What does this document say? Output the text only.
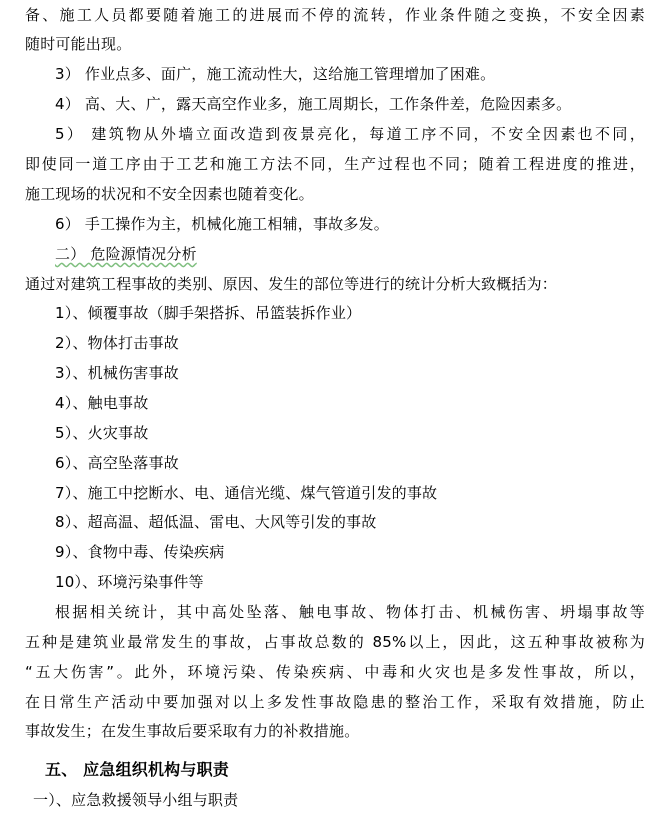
备、施工人员都要随着施工的进展而不停的流转，作业条件随之变换，不安全因素
随时可能出现。
3） 作业点多、面广，施工流动性大，这给施工管理增加了困难。
4） 高、大、广，露天高空作业多，施工周期长，工作条件差，危险因素多。
5） 建筑物从外墙立面改造到夜景亮化，每道工序不同，不安全因素也不同，
即使同一道工序由于工艺和施工方法不同，生产过程也不同；随着工程进度的推进，
施工现场的状况和不安全因素也随着变化。
6） 手工操作为主，机械化施工相辅，事故多发。
二） 危险源情况分析
通过对建筑工程事故的类别、原因、发生的部位等进行的统计分析大致概括为：
1）、倾覆事故（脚手架搭拆、吊篮装拆作业）
2）、物体打击事故
3）、机械伤害事故
4）、触电事故
5）、火灾事故
6）、高空坠落事故
7）、施工中挖断水、电、通信光缆、煤气管道引发的事故
8）、超高温、超低温、雷电、大风等引发的事故
9）、食物中毒、传染疾病
10）、环境污染事件等
根据相关统计，其中高处坠落、触电事故、物体打击、机械伤害、坍塌事故等
五种是建筑业最常发生的事故，占事故总数的 85%以上，因此，这五种事故被称为
“五大伤害”。此外，环境污染、传染疾病、中毒和火灾也是多发性事故，所以，
在日常生产活动中要加强对以上多发性事故隐患的整治工作，采取有效措施，防止
事故发生；在发生事故后要采取有力的补救措施。
五、 应急组织机构与职责
一）、应急救援领导小组与职责
